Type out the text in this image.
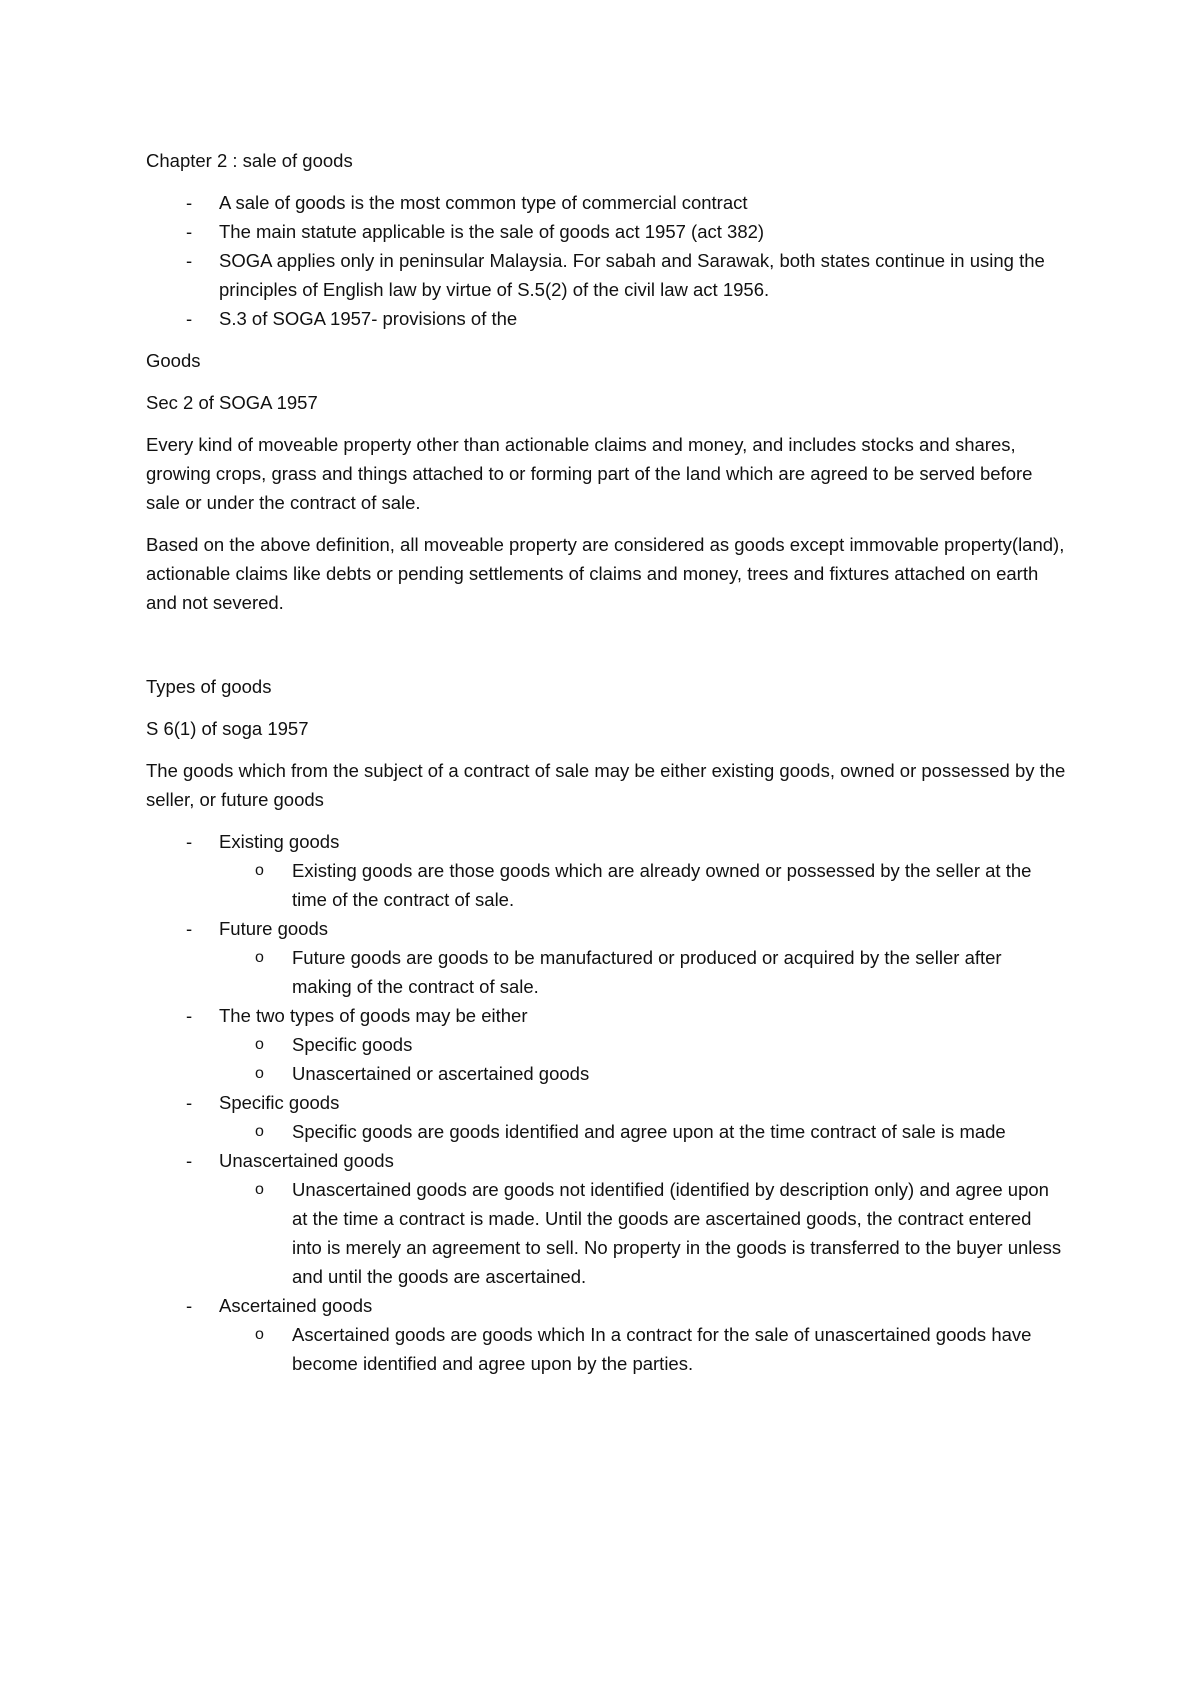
Chapter 2 : sale of goods

- A sale of goods is the most common type of commercial contract
- The main statute applicable is the sale of goods act 1957 (act 382)
- SOGA applies only in peninsular Malaysia. For sabah and Sarawak, both states continue in using the principles of English law by virtue of S.5(2) of the civil law act 1956.
- S.3 of SOGA 1957- provisions of the

Goods

Sec 2 of SOGA 1957

Every kind of moveable property other than actionable claims and money, and includes stocks and shares, growing crops, grass and things attached to or forming part of the land which are agreed to be served before sale or under the contract of sale.

Based on the above definition, all moveable property are considered as goods except immovable property(land), actionable claims like debts or pending settlements of claims and money, trees and fixtures attached on earth and not severed.

Types of goods

S 6(1) of soga 1957

The goods which from the subject of a contract of sale may be either existing goods, owned or possessed by the seller, or future goods

- Existing goods
o Existing goods are those goods which are already owned or possessed by the seller at the time of the contract of sale.
- Future goods
o Future goods are goods to be manufactured or produced or acquired by the seller after making of the contract of sale.
- The two types of goods may be either
o Specific goods
o Unascertained or ascertained goods
- Specific goods
o Specific goods are goods identified and agree upon at the time contract of sale is made
- Unascertained goods
o Unascertained goods are goods not identified (identified by description only) and agree upon at the time a contract is made. Until the goods are ascertained goods, the contract entered into is merely an agreement to sell. No property in the goods is transferred to the buyer unless and until the goods are ascertained.
- Ascertained goods
o Ascertained goods are goods which In a contract for the sale of unascertained goods have become identified and agree upon by the parties.
